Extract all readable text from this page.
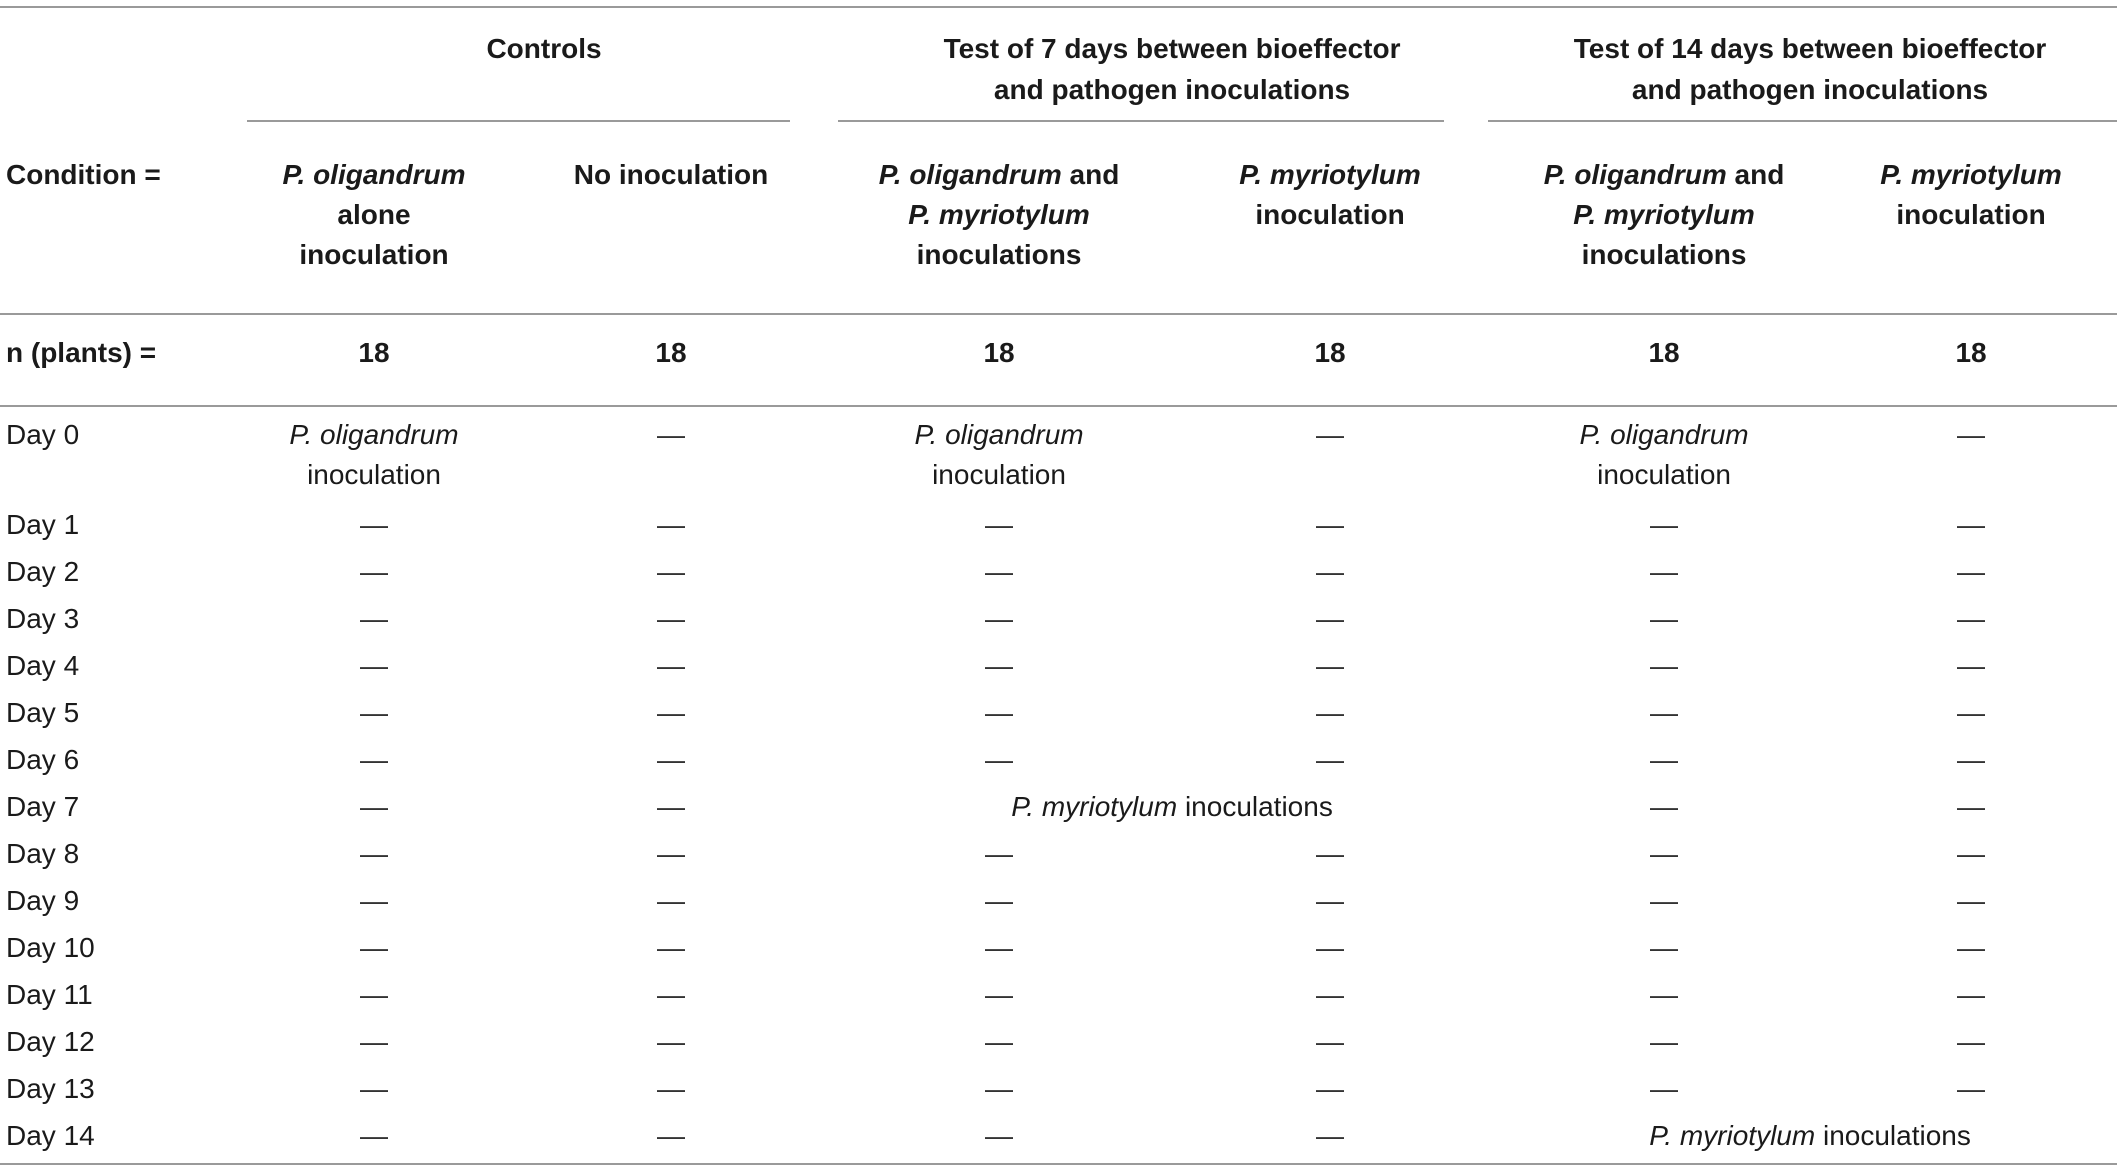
	Controls		Test of 7 days between bioeffector
and pathogen inoculations		Test of 14 days between bioeffector
and pathogen inoculations	
Condition =	P. oligandrum
alone
inoculation	No inoculation	P. oligandrum and
P. myriotylum
inoculations	P. myriotylum
inoculation	P. oligandrum and
P. myriotylum
inoculations	P. myriotylum
inoculation
n (plants) =	18	18	18	18	18	18
Day 0	P. oligandrum
inoculation	—	P. oligandrum
inoculation	—	P. oligandrum
inoculation	—
Day 1	—	—	—	—	—	—
Day 2	—	—	—	—	—	—
Day 3	—	—	—	—	—	—
Day 4	—	—	—	—	—	—
Day 5	—	—	—	—	—	—
Day 6	—	—	—	—	—	—
Day 7	—	—	P. myriotylum inoculations		—	—
Day 8	—	—	—	—	—	—
Day 9	—	—	—	—	—	—
Day 10	—	—	—	—	—	—
Day 11	—	—	—	—	—	—
Day 12	—	—	—	—	—	—
Day 13	—	—	—	—	—	—
Day 14	—	—	—	—	P. myriotylum inoculations	
